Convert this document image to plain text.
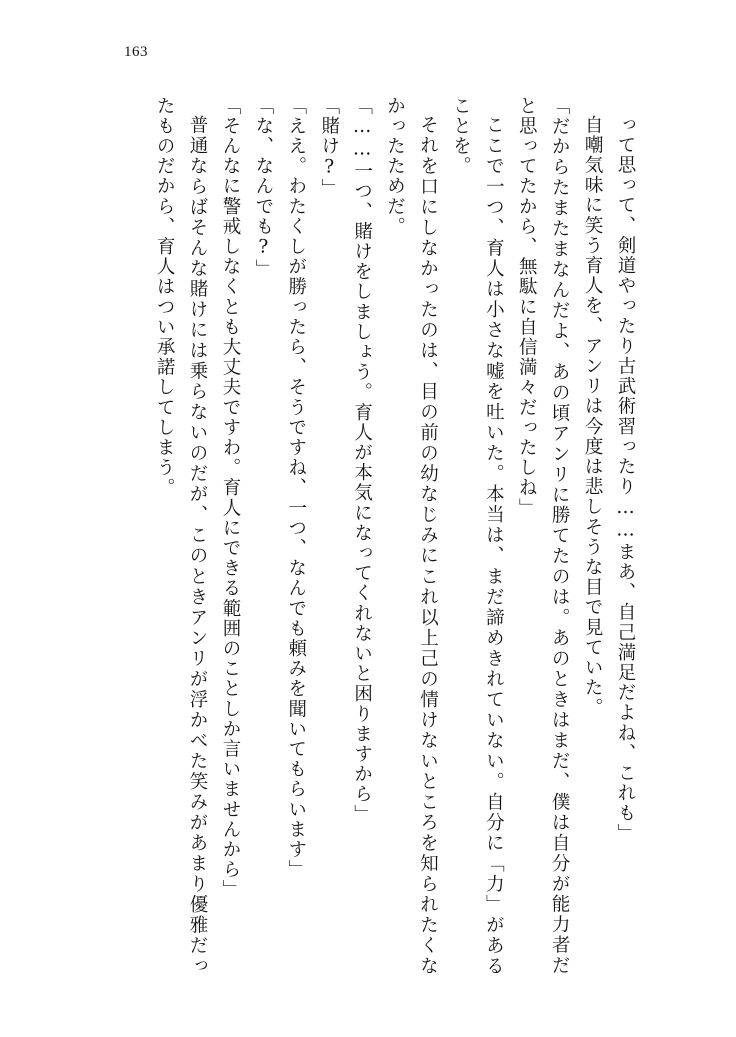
163

って思って、剣道やったり古武術習ったり……まあ、自己満足だよね、これも」

自嘲気味に笑う育人を、アンリは今度は悲しそうな目で見ていた。

「だからたまたまなんだよ、あの頃アンリに勝てたのは。あのときはまだ、僕は自分が能力者だと思ってたから、無駄に自信満々だったしね」

ここで一つ、育人は小さな嘘を吐いた。本当は、まだ諦めきれていない。自分に「力」があることを。

それを口にしなかったのは、目の前の幼なじみにこれ以上己の情けないところを知られたくなかったためだ。

「……一つ、賭けをしましょう。育人が本気になってくれないと困りますから」

「賭け?」

「ええ。わたくしが勝ったら、そうですね、一つ、なんでも頼みを聞いてもらいます」

「な、なんでも?」

「そんなに警戒しなくとも大丈夫ですわ。育人にできる範囲のことしか言いませんから」

普通ならばそんな賭けには乗らないのだが、このときアンリが浮かべた笑みがあまり優雅だったものだから、育人はつい承諾してしまう。
